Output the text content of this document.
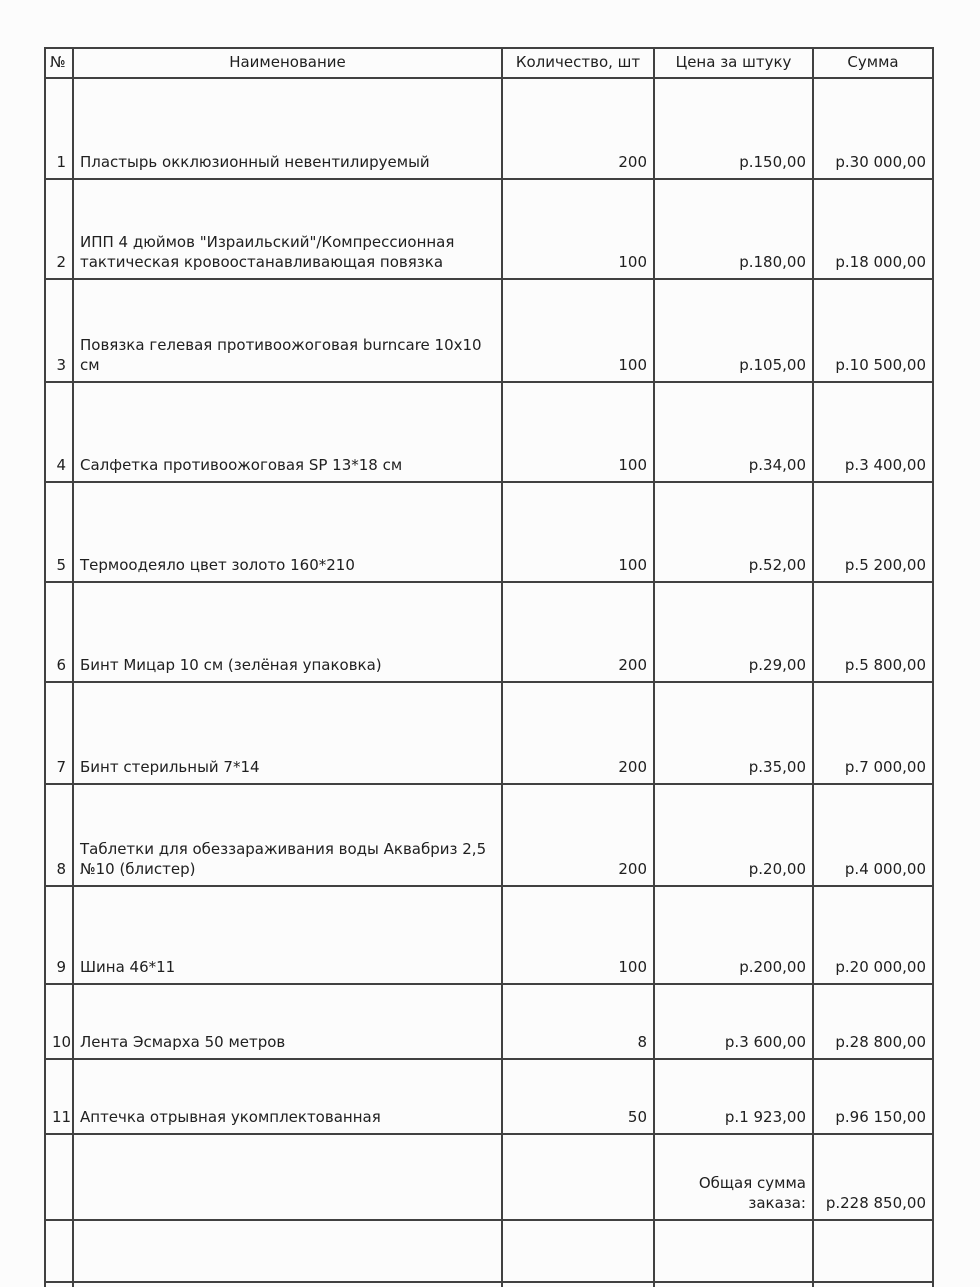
№	Наименование	Количество, шт	Цена за штуку	Сумма
1	Пластырь окклюзионный невентилируемый	200	р.150,00	р.30 000,00
2	ИПП 4 дюймов "Израильский"/Компрессионная тактическая кровоостанавливающая повязка	100	р.180,00	р.18 000,00
3	Повязка гелевая противоожоговая burncare 10x10 см	100	р.105,00	р.10 500,00
4	Салфетка противоожоговая SP 13*18 см	100	р.34,00	р.3 400,00
5	Термоодеяло цвет золото 160*210	100	р.52,00	р.5 200,00
6	Бинт Мицар 10 см (зелёная упаковка)	200	р.29,00	р.5 800,00
7	Бинт стерильный 7*14	200	р.35,00	р.7 000,00
8	Таблетки для обеззараживания воды Аквабриз 2,5 №10 (блистер)	200	р.20,00	р.4 000,00
9	Шина 46*11	100	р.200,00	р.20 000,00
10	Лента Эсмарха 50 метров	8	р.3 600,00	р.28 800,00
11	Аптечка отрывная укомплектованная	50	р.1 923,00	р.96 150,00
			Общая сумма заказа:	р.228 850,00
